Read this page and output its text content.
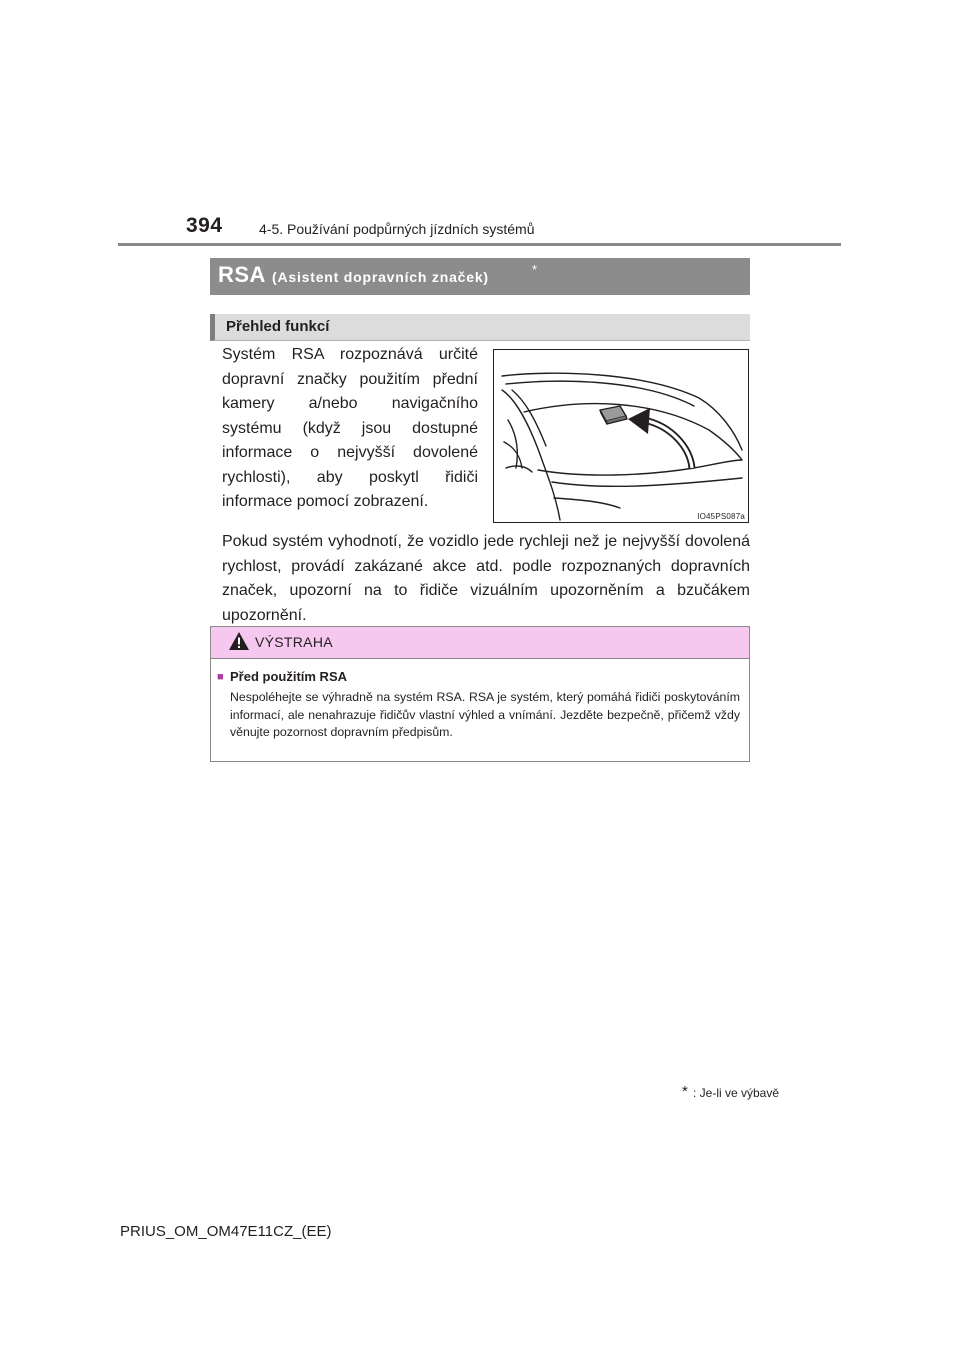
394	4-5. Používání podpůrných jízdních systémů
RSA (Asistent dopravních značek)	*
Přehled funkcí
Systém RSA rozpoznává určité dopravní značky použitím přední kamery a/nebo navigačního systému (když jsou dostupné informace o nejvyšší dovolené rychlosti), aby poskytl řidiči informace pomocí zobrazení.
IO45PS087a
Pokud systém vyhodnotí, že vozidlo jede rychleji než je nejvyšší dovolená rychlost, provádí zakázané akce atd. podle rozpoznaných dopravních značek, upozorní na to řidiče vizuálním upozorněním a bzučákem upozornění.
VÝSTRAHA
■ Před použitím RSA
Nespoléhejte se výhradně na systém RSA. RSA je systém, který pomáhá řidiči poskytováním informací, ale nenahrazuje řidičův vlastní výhled a vnímání. Jezděte bezpečně, přičemž vždy věnujte pozornost dopravním předpisům.
* : Je-li ve výbavě
PRIUS_OM_OM47E11CZ_(EE)
